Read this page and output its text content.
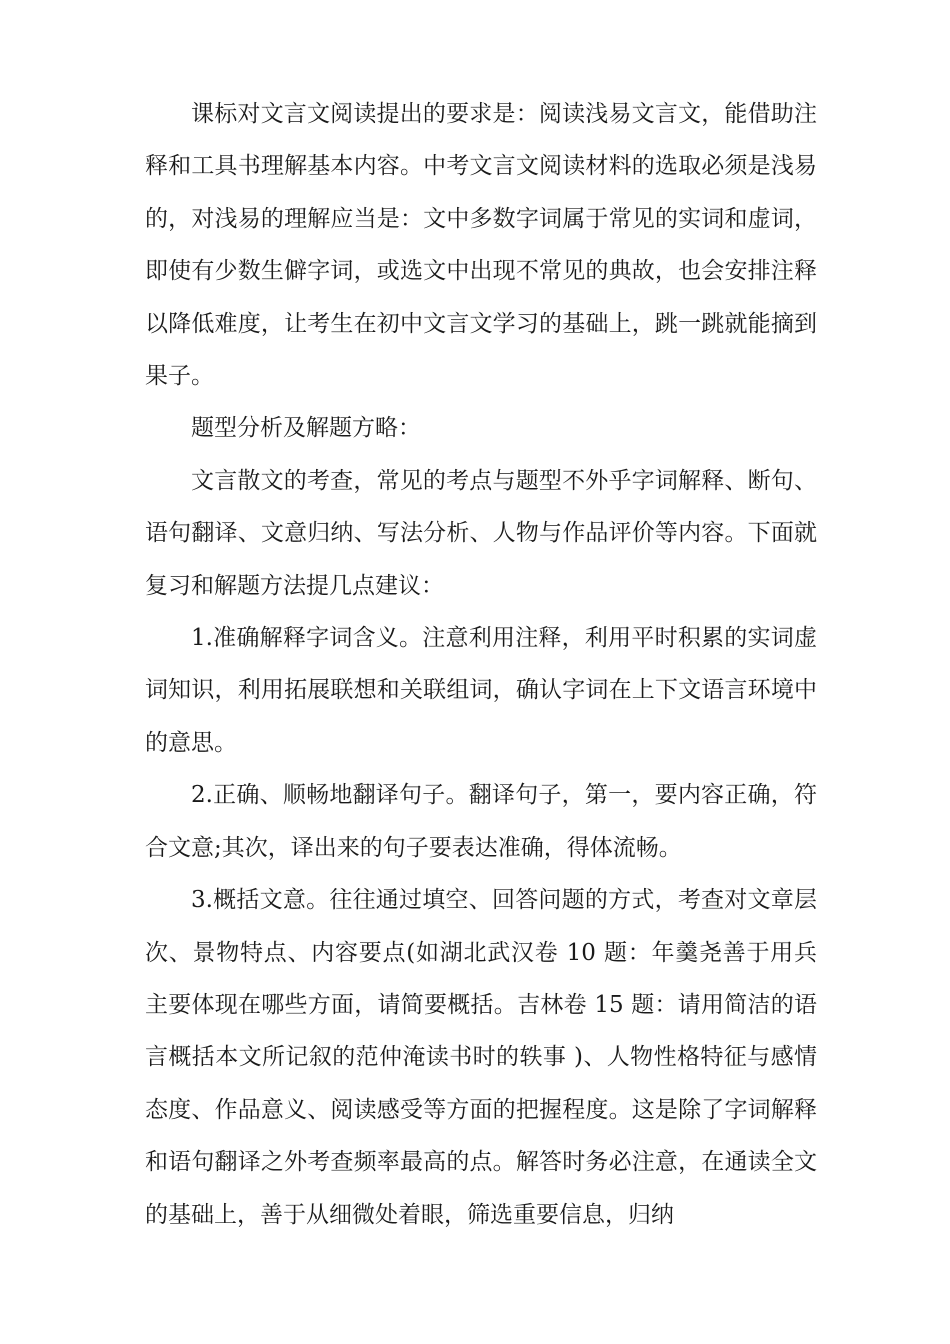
课标对文言文阅读提出的要求是：阅读浅易文言文，能借助注释和工具书理解基本内容。中考文言文阅读材料的选取必须是浅易的，对浅易的理解应当是：文中多数字词属于常见的实词和虚词，即使有少数生僻字词，或选文中出现不常见的典故，也会安排注释以降低难度，让考生在初中文言文学习的基础上，跳一跳就能摘到果子。

题型分析及解题方略：

文言散文的考查，常见的考点与题型不外乎字词解释、断句、语句翻译、文意归纳、写法分析、人物与作品评价等内容。下面就复习和解题方法提几点建议：

1.准确解释字词含义。注意利用注释，利用平时积累的实词虚词知识，利用拓展联想和关联组词，确认字词在上下文语言环境中的意思。

2.正确、顺畅地翻译句子。翻译句子，第一，要内容正确，符合文意;其次，译出来的句子要表达准确，得体流畅。

3.概括文意。往往通过填空、回答问题的方式，考查对文章层次、景物特点、内容要点(如湖北武汉卷 10 题：年羹尧善于用兵主要体现在哪些方面，请简要概括。吉林卷 15 题：请用简洁的语言概括本文所记叙的范仲淹读书时的轶事 )、人物性格特征与感情态度、作品意义、阅读感受等方面的把握程度。这是除了字词解释和语句翻译之外考查频率最高的点。解答时务必注意，在通读全文的基础上，善于从细微处着眼，筛选重要信息，归纳
